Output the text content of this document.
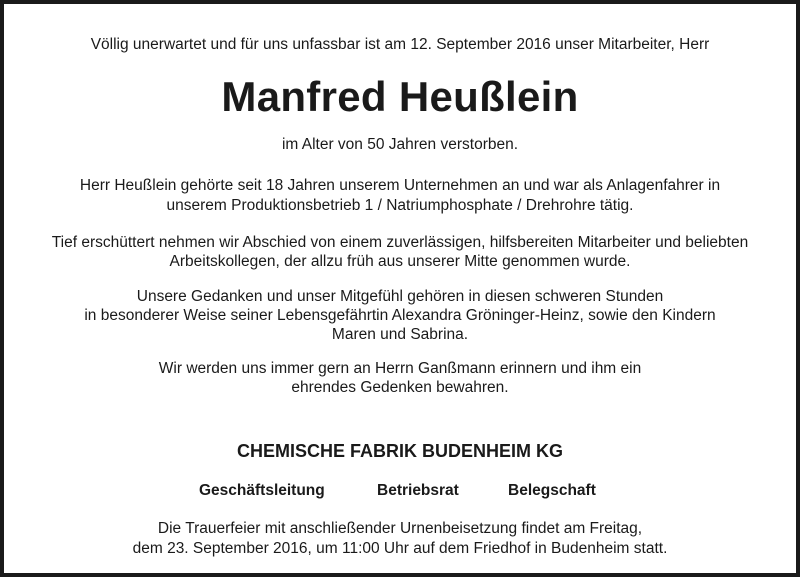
Völlig unerwartet und für uns unfassbar ist am 12. September 2016 unser Mitarbeiter, Herr
Manfred Heußlein
im Alter von 50 Jahren verstorben.
Herr Heußlein gehörte seit 18 Jahren unserem Unternehmen an und war als Anlagenfahrer in
unserem Produktionsbetrieb 1 / Natriumphosphate / Drehrohre tätig.
Tief erschüttert nehmen wir Abschied von einem zuverlässigen, hilfsbereiten Mitarbeiter und beliebten
Arbeitskollegen, der allzu früh aus unserer Mitte genommen wurde.
Unsere Gedanken und unser Mitgefühl gehören in diesen schweren Stunden
in besonderer Weise seiner Lebensgefährtin Alexandra Gröninger-Heinz, sowie den Kindern
Maren und Sabrina.
Wir werden uns immer gern an Herrn Ganßmann erinnern und ihm ein
ehrendes Gedenken bewahren.
CHEMISCHE FABRIK BUDENHEIM KG
Geschäftsleitung	Betriebsrat	Belegschaft
Die Trauerfeier mit anschließender Urnenbeisetzung findet am Freitag,
dem 23. September 2016, um 11:00 Uhr auf dem Friedhof in Budenheim statt.
